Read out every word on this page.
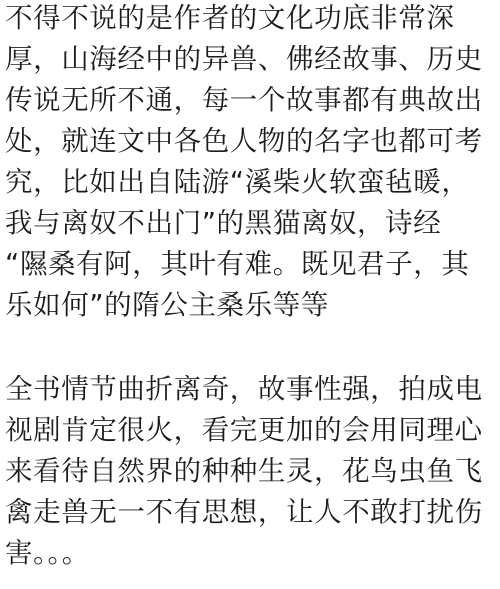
不得不说的是作者的文化功底非常深
厚，山海经中的异兽、佛经故事、历史
传说无所不通，每一个故事都有典故出
处，就连文中各色人物的名字也都可考
究，比如出自陆游“溪柴火软蛮毡暖，
我与离奴不出门”的黑猫离奴，诗经
“隰桑有阿，其叶有难。既见君子，其
乐如何”的隋公主桑乐等等
全书情节曲折离奇，故事性强，拍成电
视剧肯定很火，看完更加的会用同理心
来看待自然界的种种生灵，花鸟虫鱼飞
禽走兽无一不有思想，让人不敢打扰伤
害。。。
